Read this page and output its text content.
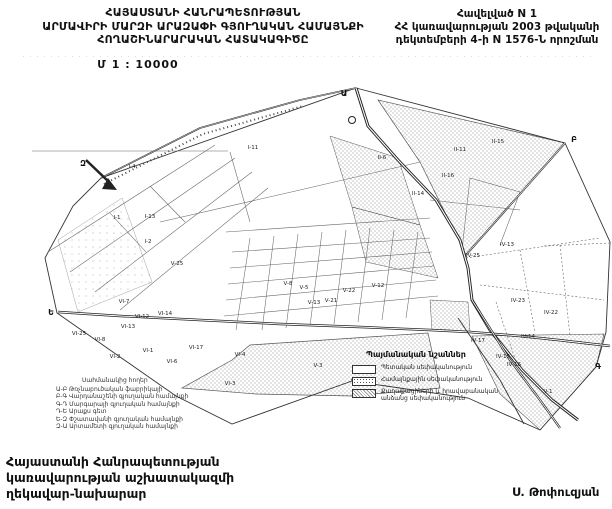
ՀԱՅԱՍՏԱՆԻ ՀԱՆՐԱՊԵՏՈՒԹՅԱՆ
ԱՐՄԱՎԻՐԻ ՄԱՐԶԻ ԱՐԱԶԱՓԻ ԳՅՈՒՂԱԿԱՆ ՀԱՄԱՅՆՔԻ
ՀՈՂԱՇԻՆԱՐԱՐԱԿԱՆ ՀԱՏԱԿԱԳԻԾԸ
Մ 1 : 10000
Հավելված N 1
ՀՀ կառավարության 2003 թվականի
դեկտեմբերի 4-ի N 1576-Ն որոշման
I-4
I-11
I-1	I-13
I-2
II-6
II-15
II-11
II-16
II-14
IV-13
IV-25
IV-23
IV-22
IV-14
IV-17
IV-15
IV-16
V-8
V-5	V-22
V-12
V-21
V-13
V-25
V-3
V-1
VI-7
VI-13
VI-12 VI-14
VI-25
VI-8
VI-17
VI-6
VI-1
VI-2	VI-4
VI-3
Ա
Բ
Գ
Ե
Զ
Պայմանական նշաններ
Պետական սեփականություն
Համայնքային սեփականություն
Քաղաքացիների և իրավաբանական անձանց սեփականություն
Սահմանակից հողեր
Ա-Բ Թռչնաբուծական ֆաբրիկայի
Բ-Գ Վարդանաշենի գյուղական համայնքի
Գ-Դ Մարգարայի գյուղական համայնքի
Դ-Ե Արաքս գետ
Ե-Զ Փշատավանի գյուղական համայնքի
Զ-Ա Արտամետի գյուղական համայնքի
Հայաստանի Հանրապետության
կառավարության աշխատակազմի
ղեկավար-նախարար	Ս. Թոփուզյան
